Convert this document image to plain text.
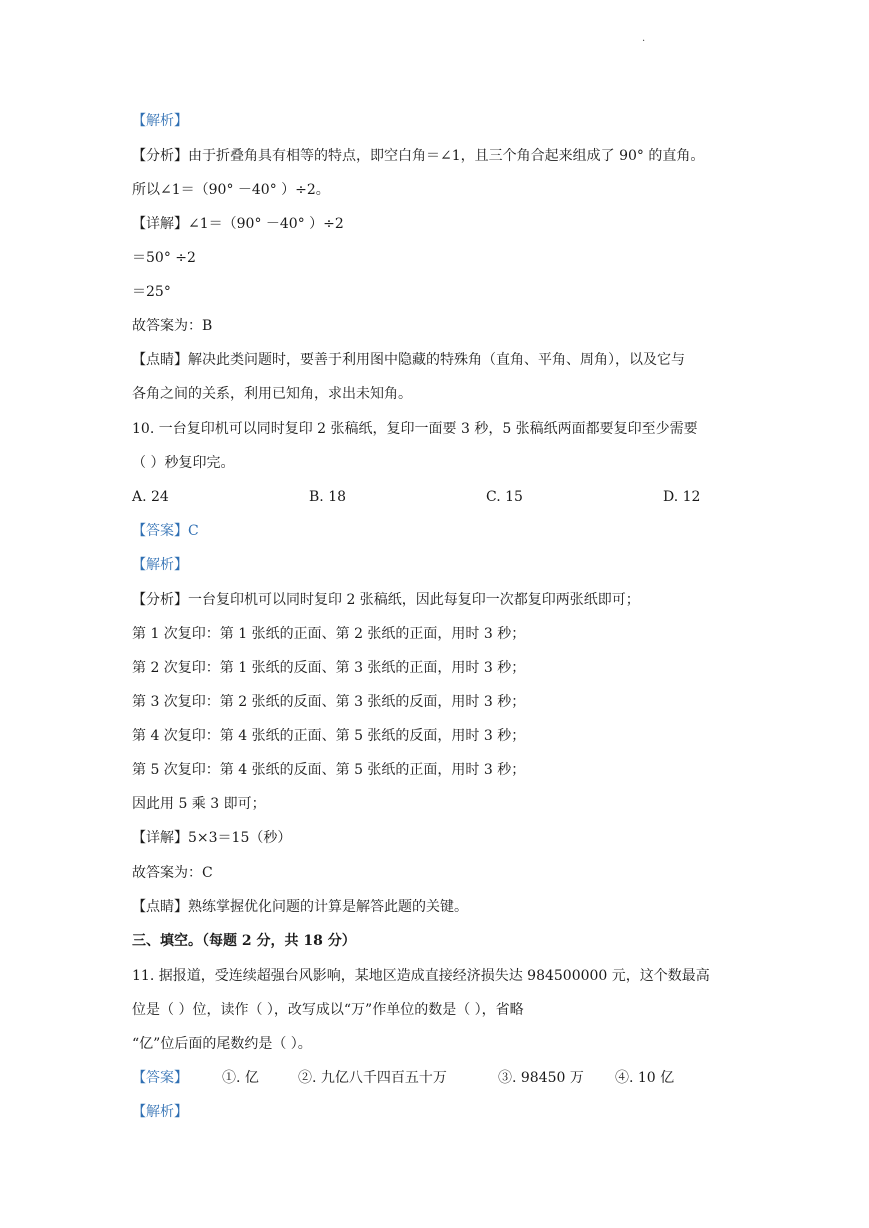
.
【解析】
【分析】由于折叠角具有相等的特点，即空白角＝∠1，且三个角合起来组成了 90° 的直角。
所以∠1＝（90° －40° ）÷2。
【详解】∠1＝（90° －40° ）÷2
＝50° ÷2
＝25°
故答案为：B
【点睛】解决此类问题时，要善于利用图中隐藏的特殊角（直角、平角、周角），以及它与
各角之间的关系，利用已知角，求出未知角。
10. 一台复印机可以同时复印 2 张稿纸，复印一面要 3 秒，5 张稿纸两面都要复印至少需要
（ ）秒复印完。
A. 24	B. 18	C. 15	D. 12
【答案】C
【解析】
【分析】一台复印机可以同时复印 2 张稿纸，因此每复印一次都复印两张纸即可；
第 1 次复印：第 1 张纸的正面、第 2 张纸的正面，用时 3 秒；
第 2 次复印：第 1 张纸的反面、第 3 张纸的正面，用时 3 秒；
第 3 次复印：第 2 张纸的反面、第 3 张纸的反面，用时 3 秒；
第 4 次复印：第 4 张纸的正面、第 5 张纸的反面，用时 3 秒；
第 5 次复印：第 4 张纸的反面、第 5 张纸的正面，用时 3 秒；
因此用 5 乘 3 即可；
【详解】5×3＝15（秒）
故答案为：C
【点睛】熟练掌握优化问题的计算是解答此题的关键。
三、填空。（每题 2 分，共 18 分）
11. 据报道，受连续超强台风影响，某地区造成直接经济损失达 984500000 元，这个数最高
位是（ ）位，读作（ ），改写成以“万”作单位的数是（ ），省略
“亿”位后面的尾数约是（ ）。
【答案】 ①. 亿	②. 九亿八千四百五十万	③. 98450 万 ④. 10 亿
【解析】
